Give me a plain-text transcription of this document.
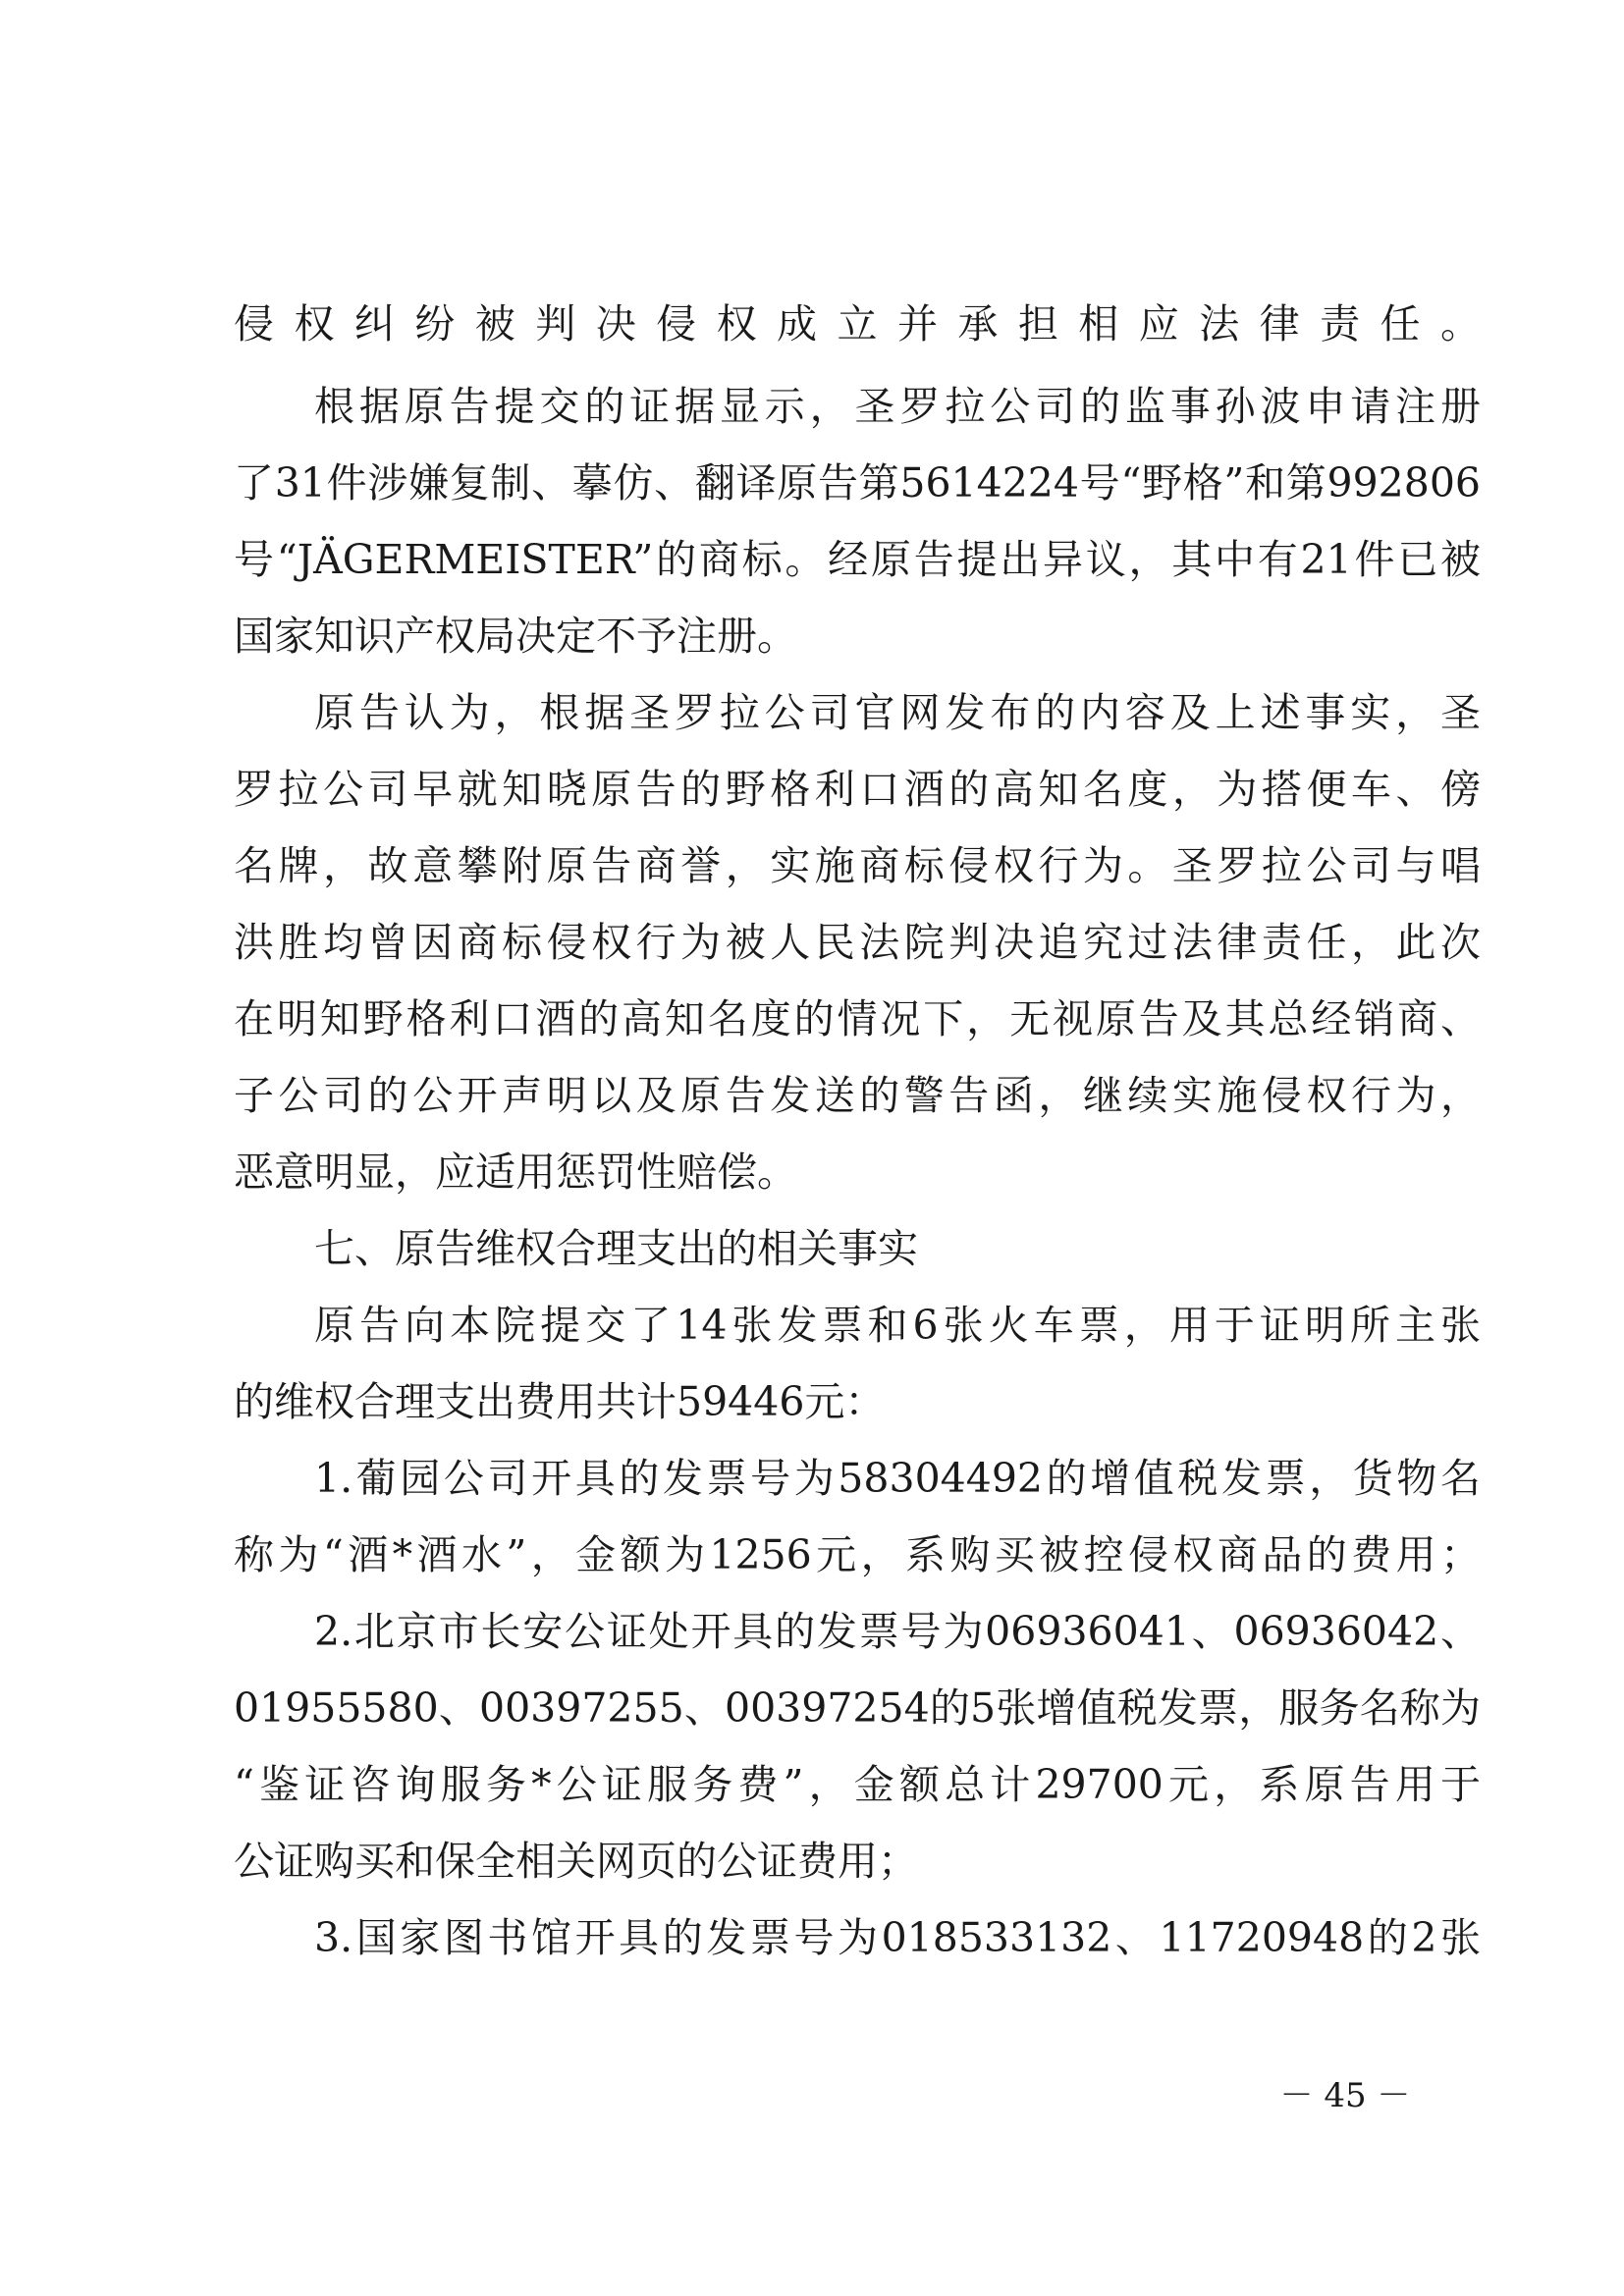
侵权纠纷被判决侵权成立并承担相应法律责任。
根据原告提交的证据显示，圣罗拉公司的监事孙波申请注册
了31件涉嫌复制、摹仿、翻译原告第5614224号“野格”和第992806
号“JÄGERMEISTER”的商标。经原告提出异议，其中有21件已被
国家知识产权局决定不予注册。
原告认为，根据圣罗拉公司官网发布的内容及上述事实，圣
罗拉公司早就知晓原告的野格利口酒的高知名度，为搭便车、傍
名牌，故意攀附原告商誉，实施商标侵权行为。圣罗拉公司与唱
洪胜均曾因商标侵权行为被人民法院判决追究过法律责任，此次
在明知野格利口酒的高知名度的情况下，无视原告及其总经销商、
子公司的公开声明以及原告发送的警告函，继续实施侵权行为，
恶意明显，应适用惩罚性赔偿。
七、原告维权合理支出的相关事实
原告向本院提交了14张发票和6张火车票，用于证明所主张
的维权合理支出费用共计59446元：
1.葡园公司开具的发票号为58304492的增值税发票，货物名
称为“酒*酒水”，金额为1256元，系购买被控侵权商品的费用；
2.北京市长安公证处开具的发票号为06936041、06936042、
01955580、00397255、00397254的5张增值税发票，服务名称为
“鉴证咨询服务*公证服务费”，金额总计29700元，系原告用于
公证购买和保全相关网页的公证费用；
3.国家图书馆开具的发票号为018533132、11720948的2张
－ 45 －
